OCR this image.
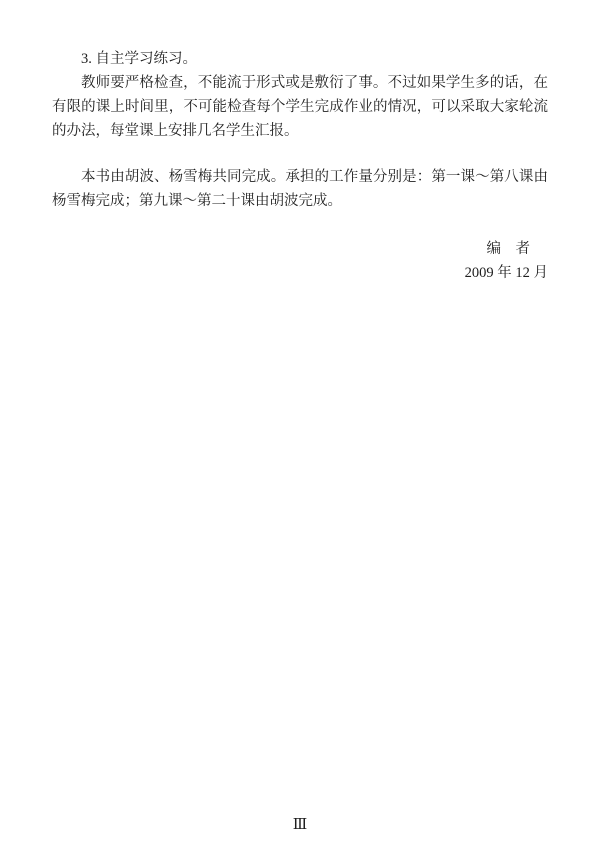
3. 自主学习练习。
教师要严格检查，不能流于形式或是敷衍了事。不过如果学生多的话，在
有限的课上时间里，不可能检查每个学生完成作业的情况，可以采取大家轮流
的办法，每堂课上安排几名学生汇报。
本书由胡波、杨雪梅共同完成。承担的工作量分别是：第一课～第八课由
杨雪梅完成；第九课～第二十课由胡波完成。
编　者
2009 年 12 月
Ⅲ
